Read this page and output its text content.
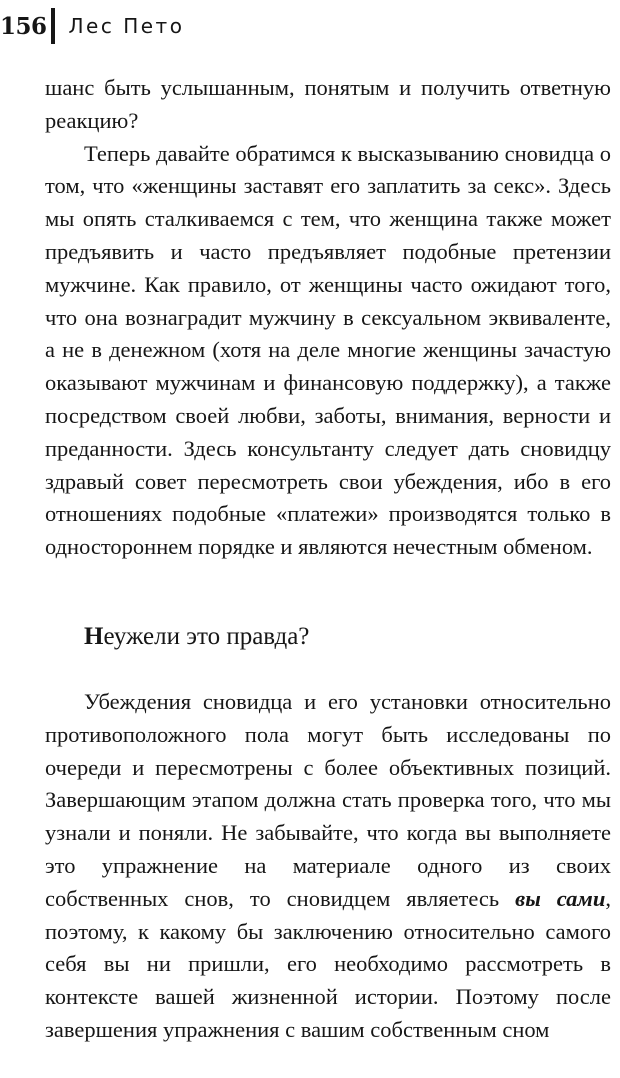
156 Лес Пето

шанс быть услышанным, понятым и получить ответную реакцию?

Теперь давайте обратимся к высказыванию сновидца о том, что «женщины заставят его заплатить за секс». Здесь мы опять сталкиваемся с тем, что женщина также может предъявить и часто предъявляет подобные претензии мужчине. Как правило, от женщины часто ожидают того, что она вознаградит мужчину в сексуальном эквиваленте, а не в денежном (хотя на деле многие женщины зачастую оказывают мужчинам и финансовую поддержку), а также посредством своей любви, заботы, внимания, верности и преданности. Здесь консультанту следует дать сновидцу здравый совет пересмотреть свои убеждения, ибо в его отношениях подобные «платежи» производятся только в одностороннем порядке и являются нечестным обменом.

Неужели это правда?

Убеждения сновидца и его установки относительно противоположного пола могут быть исследованы по очереди и пересмотрены с более объективных позиций. Завершающим этапом должна стать проверка того, что мы узнали и поняли. Не забывайте, что когда вы выполняете это упражнение на материале одного из своих собственных снов, то сновидцем являетесь вы сами, поэтому, к какому бы заключению относительно самого себя вы ни пришли, его необходимо рассмотреть в контексте вашей жизненной истории. Поэтому после завершения упражнения с вашим собственным сном
